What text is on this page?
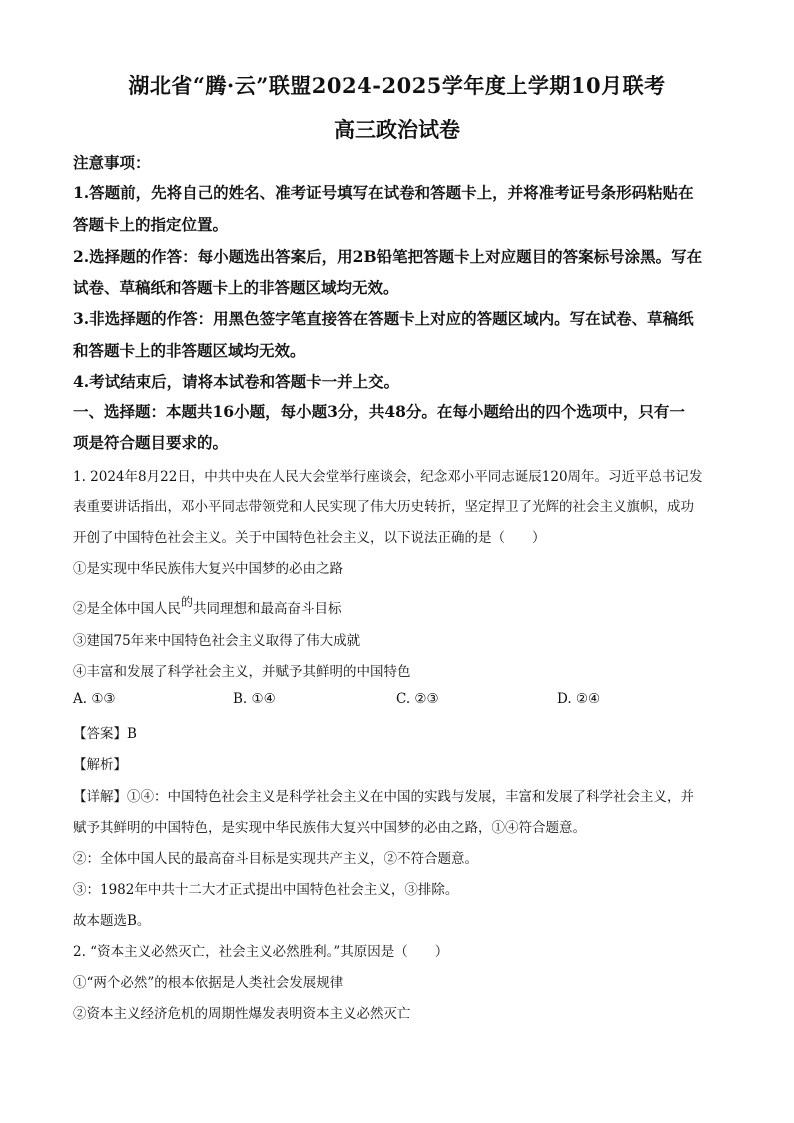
湖北省“腾·云”联盟2024-2025学年度上学期10月联考
高三政治试卷
注意事项：
1.答题前，先将自己的姓名、准考证号填写在试卷和答题卡上，并将准考证号条形码粘贴在
答题卡上的指定位置。
2.选择题的作答：每小题选出答案后，用2B铅笔把答题卡上对应题目的答案标号涂黑。写在
试卷、草稿纸和答题卡上的非答题区域均无效。
3.非选择题的作答：用黑色签字笔直接答在答题卡上对应的答题区域内。写在试卷、草稿纸
和答题卡上的非答题区域均无效。
4.考试结束后，请将本试卷和答题卡一并上交。
一、选择题：本题共16小题，每小题3分，共48分。在每小题给出的四个选项中，只有一
项是符合题目要求的。
1. 2024年8月22日，中共中央在人民大会堂举行座谈会，纪念邓小平同志诞辰120周年。习近平总书记发
表重要讲话指出，邓小平同志带领党和人民实现了伟大历史转折，坚定捍卫了光辉的社会主义旗帜，成功
开创了中国特色社会主义。关于中国特色社会主义，以下说法正确的是（　　）
①是实现中华民族伟大复兴中国梦的必由之路
②是全体中国人民的共同理想和最高奋斗目标
③建国75年来中国特色社会主义取得了伟大成就
④丰富和发展了科学社会主义，并赋予其鲜明的中国特色
A. ①③	B. ①④	C. ②③	D. ②④
【答案】B
【解析】
【详解】①④：中国特色社会主义是科学社会主义在中国的实践与发展，丰富和发展了科学社会主义，并
赋予其鲜明的中国特色，是实现中华民族伟大复兴中国梦的必由之路，①④符合题意。
②：全体中国人民的最高奋斗目标是实现共产主义，②不符合题意。
③：1982年中共十二大才正式提出中国特色社会主义，③排除。
故本题选B。
2. “资本主义必然灭亡，社会主义必然胜利。”其原因是（　　）
①“两个必然”的根本依据是人类社会发展规律
②资本主义经济危机的周期性爆发表明资本主义必然灭亡
